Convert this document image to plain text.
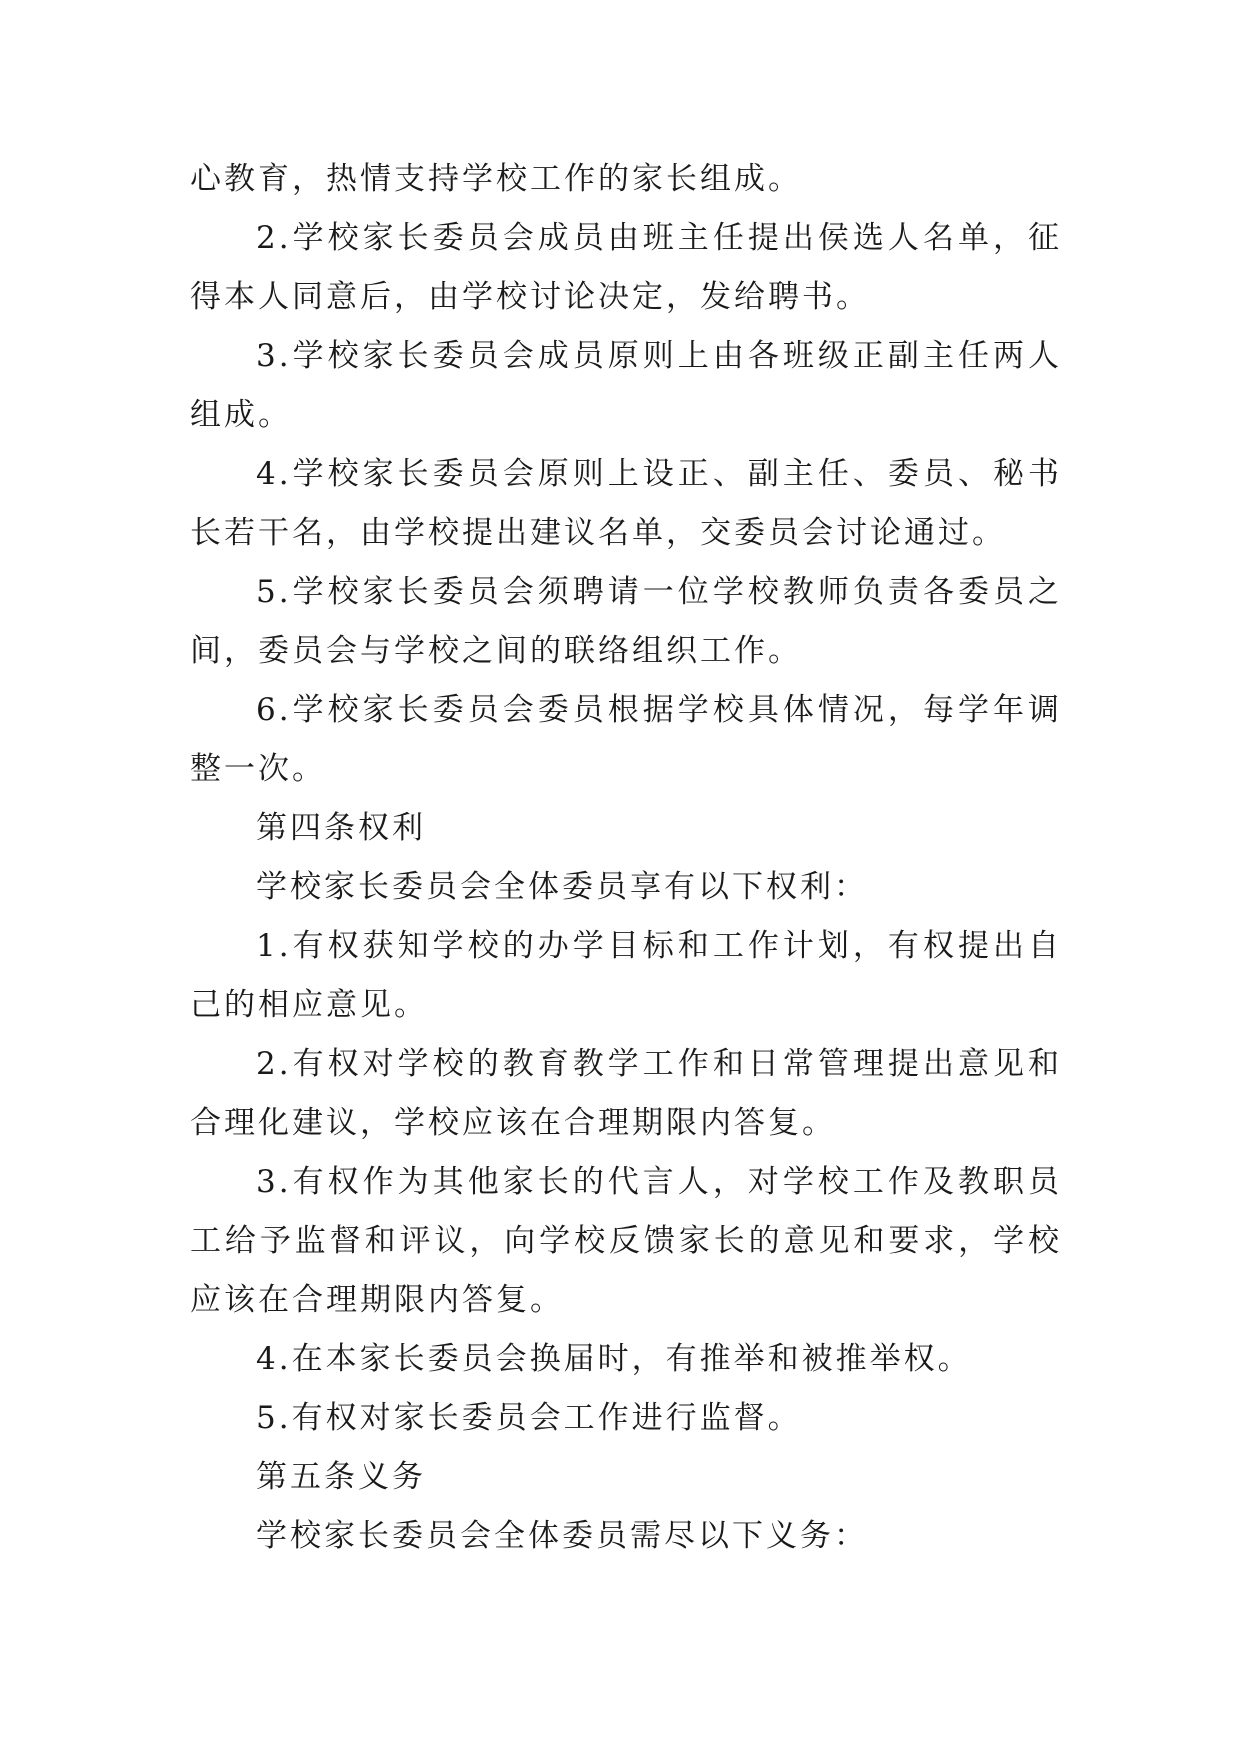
心教育，热情支持学校工作的家长组成。

2.学校家长委员会成员由班主任提出侯选人名单，征得本人同意后，由学校讨论决定，发给聘书。

3.学校家长委员会成员原则上由各班级正副主任两人组成。

4.学校家长委员会原则上设正、副主任、委员、秘书长若干名，由学校提出建议名单，交委员会讨论通过。

5.学校家长委员会须聘请一位学校教师负责各委员之间，委员会与学校之间的联络组织工作。

6.学校家长委员会委员根据学校具体情况，每学年调整一次。

第四条权利

学校家长委员会全体委员享有以下权利：

1.有权获知学校的办学目标和工作计划，有权提出自己的相应意见。

2.有权对学校的教育教学工作和日常管理提出意见和合理化建议，学校应该在合理期限内答复。

3.有权作为其他家长的代言人，对学校工作及教职员工给予监督和评议，向学校反馈家长的意见和要求，学校应该在合理期限内答复。

4.在本家长委员会换届时，有推举和被推举权。

5.有权对家长委员会工作进行监督。

第五条义务

学校家长委员会全体委员需尽以下义务：
